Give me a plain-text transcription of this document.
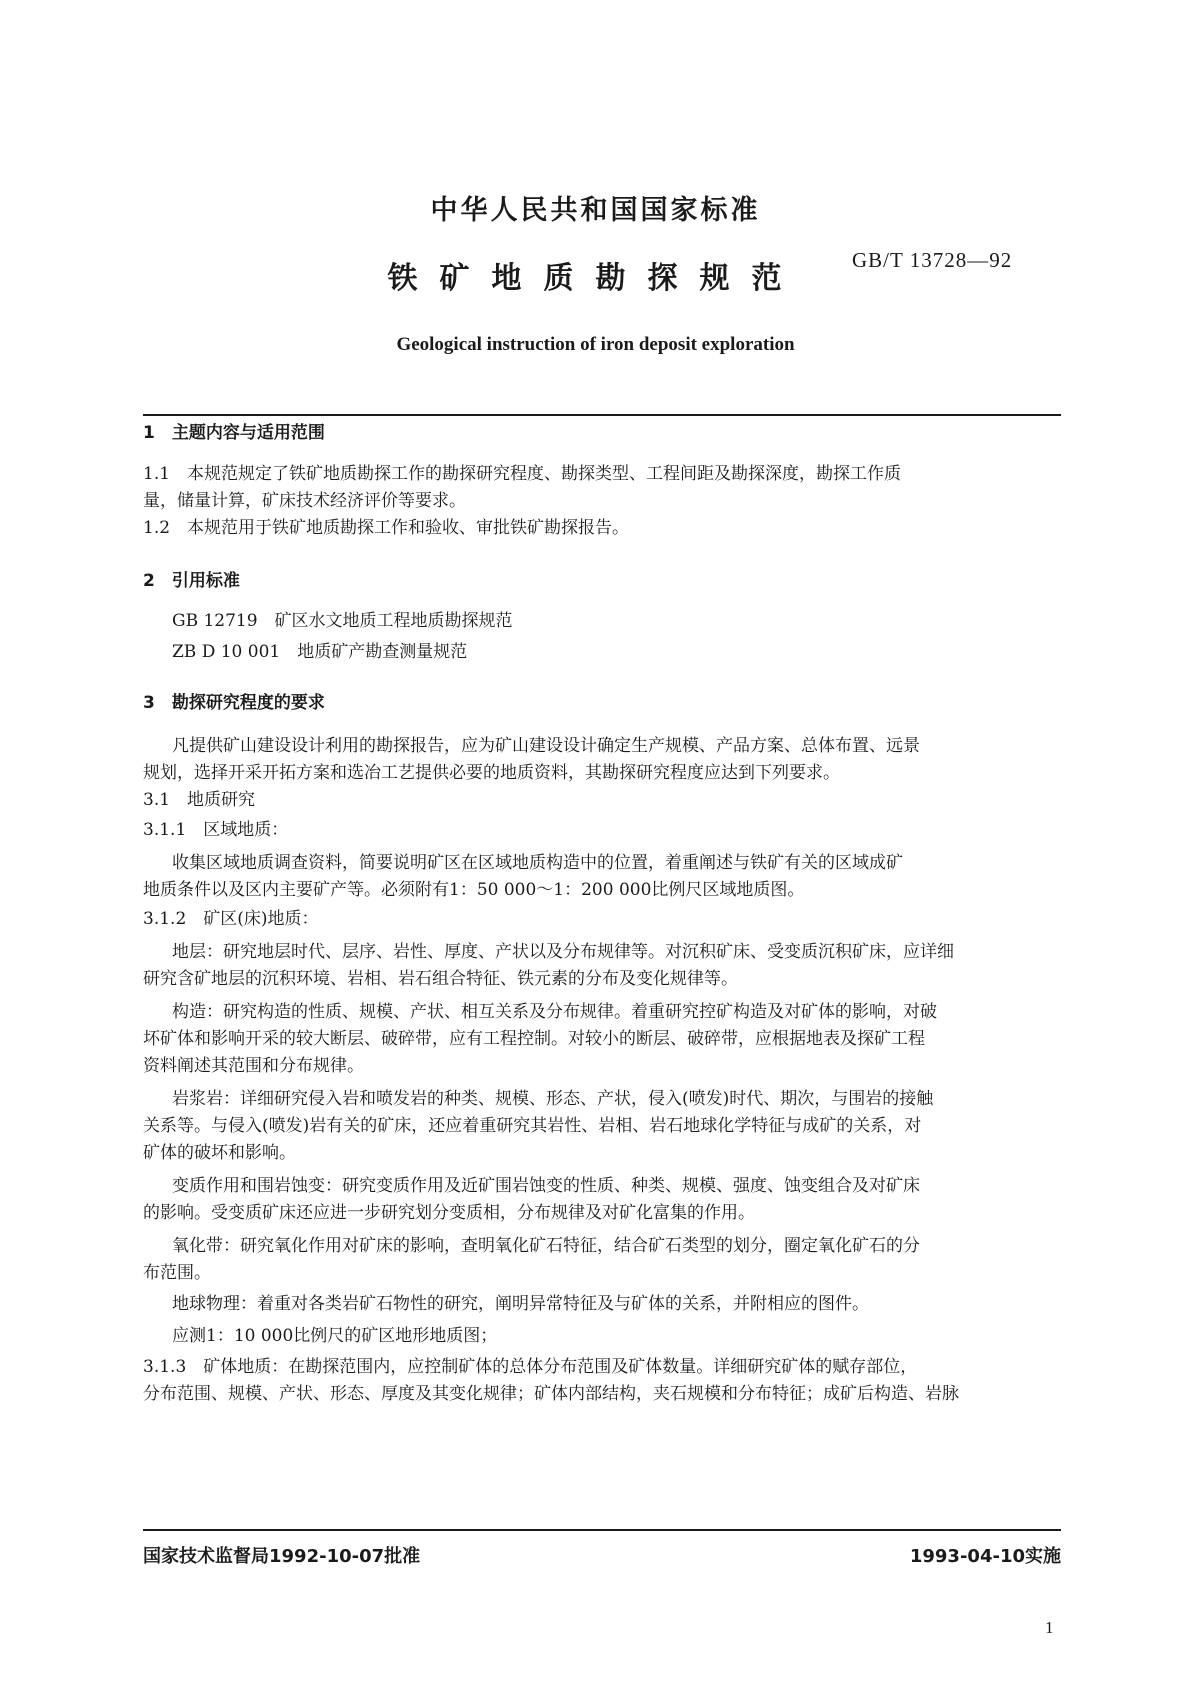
中华人民共和国国家标准
铁矿地质勘探规范
GB/T 13728—92
Geological instruction of iron deposit exploration
1　主题内容与适用范围
1.1　本规范规定了铁矿地质勘探工作的勘探研究程度、勘探类型、工程间距及勘探深度，勘探工作质
量，储量计算，矿床技术经济评价等要求。
1.2　本规范用于铁矿地质勘探工作和验收、审批铁矿勘探报告。
2　引用标准
GB 12719　矿区水文地质工程地质勘探规范
ZB D 10 001　地质矿产勘查测量规范
3　勘探研究程度的要求
凡提供矿山建设设计利用的勘探报告，应为矿山建设设计确定生产规模、产品方案、总体布置、远景
规划，选择开采开拓方案和选冶工艺提供必要的地质资料，其勘探研究程度应达到下列要求。
3.1　地质研究
3.1.1　区域地质：
收集区域地质调查资料，简要说明矿区在区域地质构造中的位置，着重阐述与铁矿有关的区域成矿
地质条件以及区内主要矿产等。必须附有1：50 000～1：200 000比例尺区域地质图。
3.1.2　矿区(床)地质：
地层：研究地层时代、层序、岩性、厚度、产状以及分布规律等。对沉积矿床、受变质沉积矿床，应详细
研究含矿地层的沉积环境、岩相、岩石组合特征、铁元素的分布及变化规律等。
构造：研究构造的性质、规模、产状、相互关系及分布规律。着重研究控矿构造及对矿体的影响，对破
坏矿体和影响开采的较大断层、破碎带，应有工程控制。对较小的断层、破碎带，应根据地表及探矿工程
资料阐述其范围和分布规律。
岩浆岩：详细研究侵入岩和喷发岩的种类、规模、形态、产状，侵入(喷发)时代、期次，与围岩的接触
关系等。与侵入(喷发)岩有关的矿床，还应着重研究其岩性、岩相、岩石地球化学特征与成矿的关系，对
矿体的破坏和影响。
变质作用和围岩蚀变：研究变质作用及近矿围岩蚀变的性质、种类、规模、强度、蚀变组合及对矿床
的影响。受变质矿床还应进一步研究划分变质相，分布规律及对矿化富集的作用。
氧化带：研究氧化作用对矿床的影响，查明氧化矿石特征，结合矿石类型的划分，圈定氧化矿石的分
布范围。
地球物理：着重对各类岩矿石物性的研究，阐明异常特征及与矿体的关系，并附相应的图件。
应测1：10 000比例尺的矿区地形地质图；
3.1.3　矿体地质：在勘探范围内，应控制矿体的总体分布范围及矿体数量。详细研究矿体的赋存部位，
分布范围、规模、产状、形态、厚度及其变化规律；矿体内部结构，夹石规模和分布特征；成矿后构造、岩脉
国家技术监督局1992-10-07批准	1993-04-10实施
1
